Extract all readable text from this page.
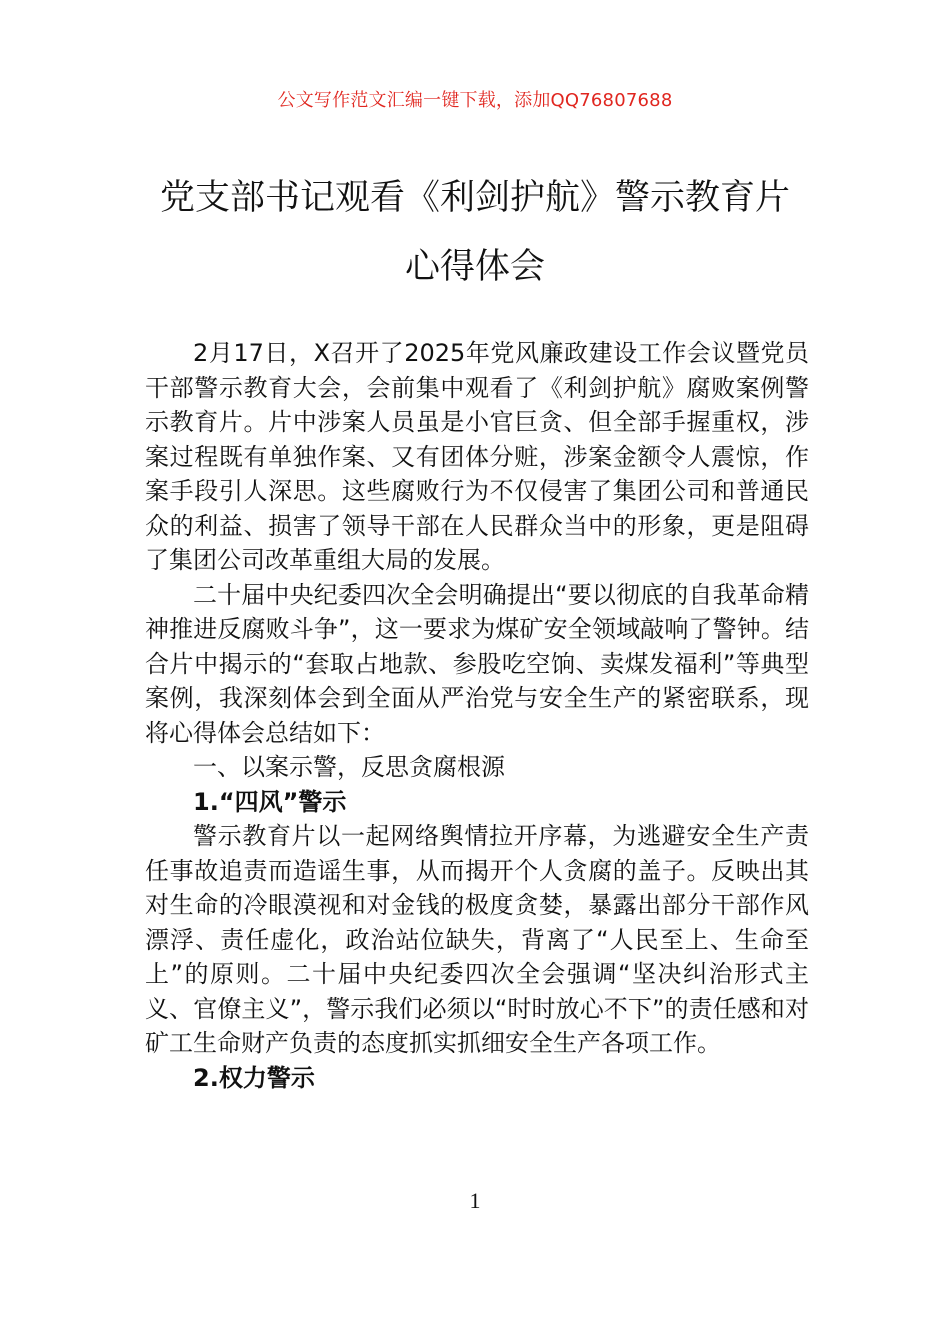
公文写作范文汇编一键下载，添加QQ76807688
党支部书记观看《利剑护航》警示教育片
心得体会

2月17日，X召开了2025年党风廉政建设工作会议暨党员干部警示教育大会，会前集中观看了《利剑护航》腐败案例警示教育片。片中涉案人员虽是小官巨贪、但全部手握重权，涉案过程既有单独作案、又有团体分赃，涉案金额令人震惊，作案手段引人深思。这些腐败行为不仅侵害了集团公司和普通民众的利益、损害了领导干部在人民群众当中的形象，更是阻碍了集团公司改革重组大局的发展。

二十届中央纪委四次全会明确提出“要以彻底的自我革命精神推进反腐败斗争”，这一要求为煤矿安全领域敲响了警钟。结合片中揭示的“套取占地款、参股吃空饷、卖煤发福利”等典型案例，我深刻体会到全面从严治党与安全生产的紧密联系，现将心得体会总结如下：

一、以案示警，反思贪腐根源

1.“四风”警示

警示教育片以一起网络舆情拉开序幕，为逃避安全生产责任事故追责而造谣生事，从而揭开个人贪腐的盖子。反映出其对生命的冷眼漠视和对金钱的极度贪婪，暴露出部分干部作风漂浮、责任虚化，政治站位缺失，背离了“人民至上、生命至上”的原则。二十届中央纪委四次全会强调“坚决纠治形式主义、官僚主义”，警示我们必须以“时时放心不下”的责任感和对矿工生命财产负责的态度抓实抓细安全生产各项工作。

2.权力警示

1
